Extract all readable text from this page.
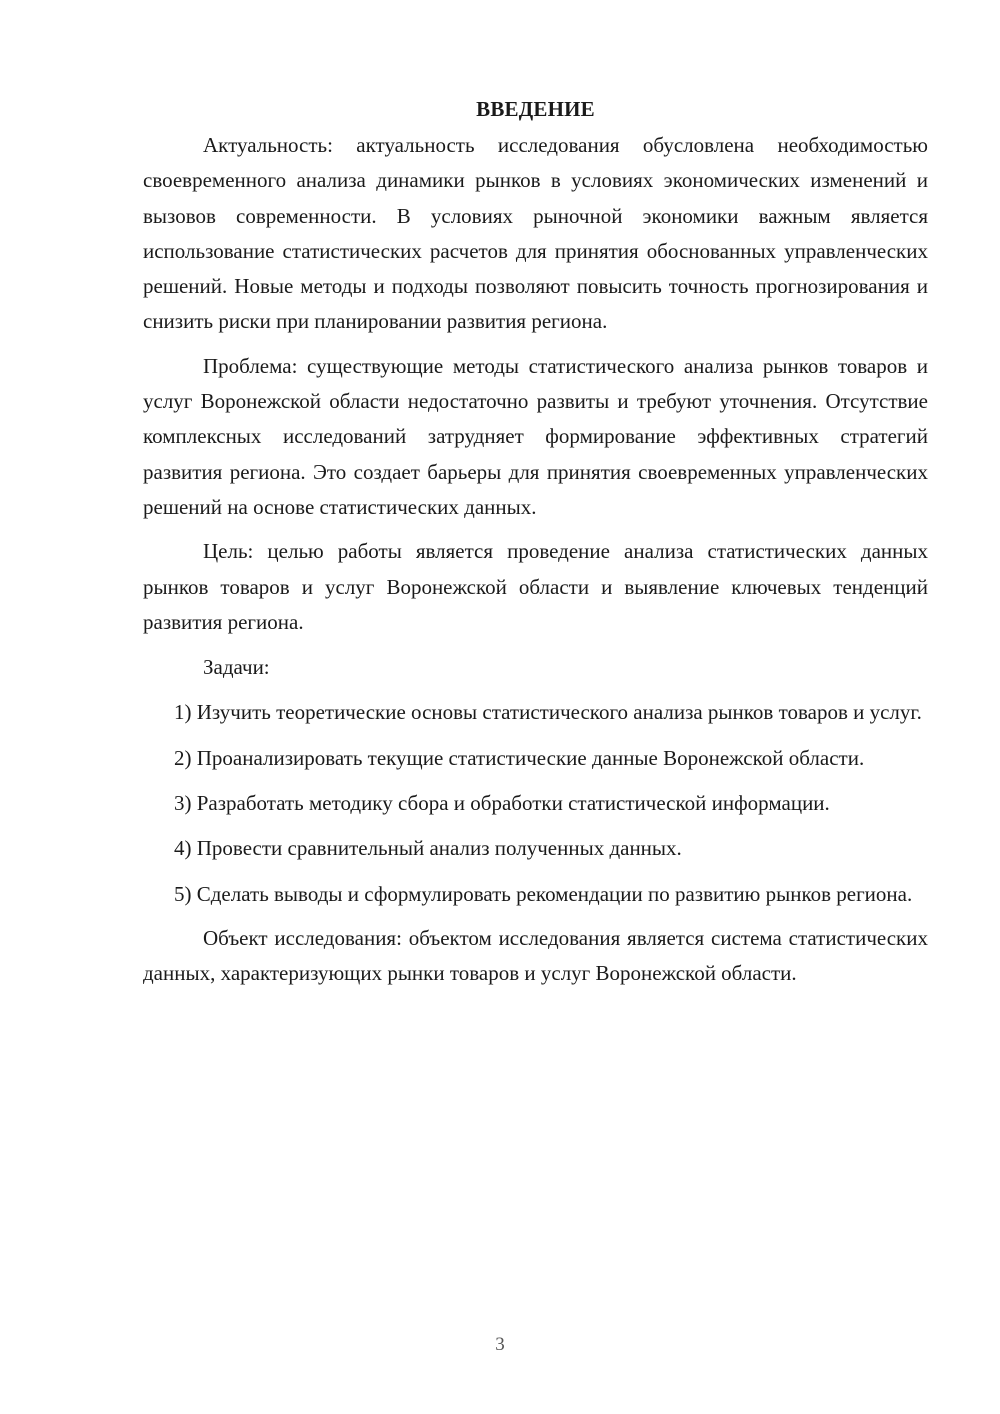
ВВЕДЕНИЕ

Актуальность: актуальность исследования обусловлена необходимостью своевременного анализа динамики рынков в условиях экономических изменений и вызовов современности. В условиях рыночной экономики важным является использование статистических расчетов для принятия обоснованных управленческих решений. Новые методы и подходы позволяют повысить точность прогнозирования и снизить риски при планировании развития региона.

Проблема: существующие методы статистического анализа рынков товаров и услуг Воронежской области недостаточно развиты и требуют уточнения. Отсутствие комплексных исследований затрудняет формирование эффективных стратегий развития региона. Это создает барьеры для принятия своевременных управленческих решений на основе статистических данных.

Цель: целью работы является проведение анализа статистических данных рынков товаров и услуг Воронежской области и выявление ключевых тенденций развития региона.

Задачи:

1) Изучить теоретические основы статистического анализа рынков товаров и услуг.

2) Проанализировать текущие статистические данные Воронежской области.

3) Разработать методику сбора и обработки статистической информации.

4) Провести сравнительный анализ полученных данных.

5) Сделать выводы и сформулировать рекомендации по развитию рынков региона.

Объект исследования: объектом исследования является система статистических данных, характеризующих рынки товаров и услуг Воронежской области.

3
